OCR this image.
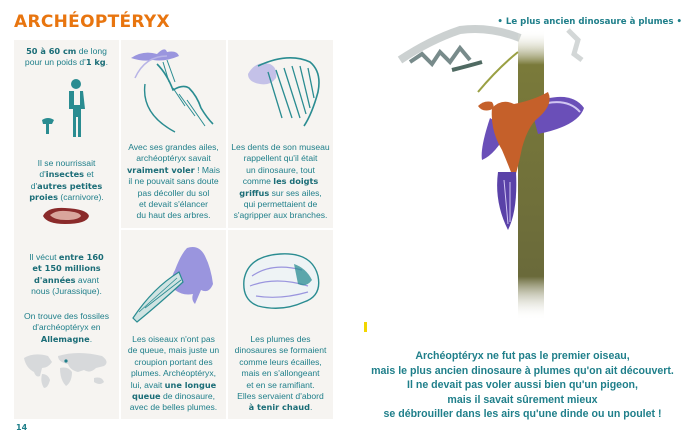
ARCHÉOPTÉRYX
50 à 60 cm de long
pour un poids d'1 kg.
Il se nourrissait
d'insectes et
d'autres petites
proies (carnivore).
Il vécut entre 160
et 150 millions
d'années avant
nous (Jurassique).
On trouve des fossiles
d'archéoptéryx en
Allemagne.
Avec ses grandes ailes,
archéoptéryx savait
vraiment voler ! Mais
il ne pouvait sans doute
pas décoller du sol
et devait s'élancer
du haut des arbres.
Les dents de son museau
rappellent qu'il était
un dinosaure, tout
comme les doigts
griffus sur ses ailes,
qui permettaient de
s'agripper aux branches.
Les oiseaux n'ont pas
de queue, mais juste un
croupion portant des
plumes. Archéoptéryx,
lui, avait une longue
queue de dinosaure,
avec de belles plumes.
Les plumes des
dinosaures se formaient
comme leurs écailles,
mais en s'allongeant
et en se ramifiant.
Elles servaient d'abord
à tenir chaud.
14
• Le plus ancien dinosaure à plumes •
Archéoptéryx ne fut pas le premier oiseau,
mais le plus ancien dinosaure à plumes qu'on ait découvert.
Il ne devait pas voler aussi bien qu'un pigeon,
mais il savait sûrement mieux
se débrouiller dans les airs qu'une dinde ou un poulet !
